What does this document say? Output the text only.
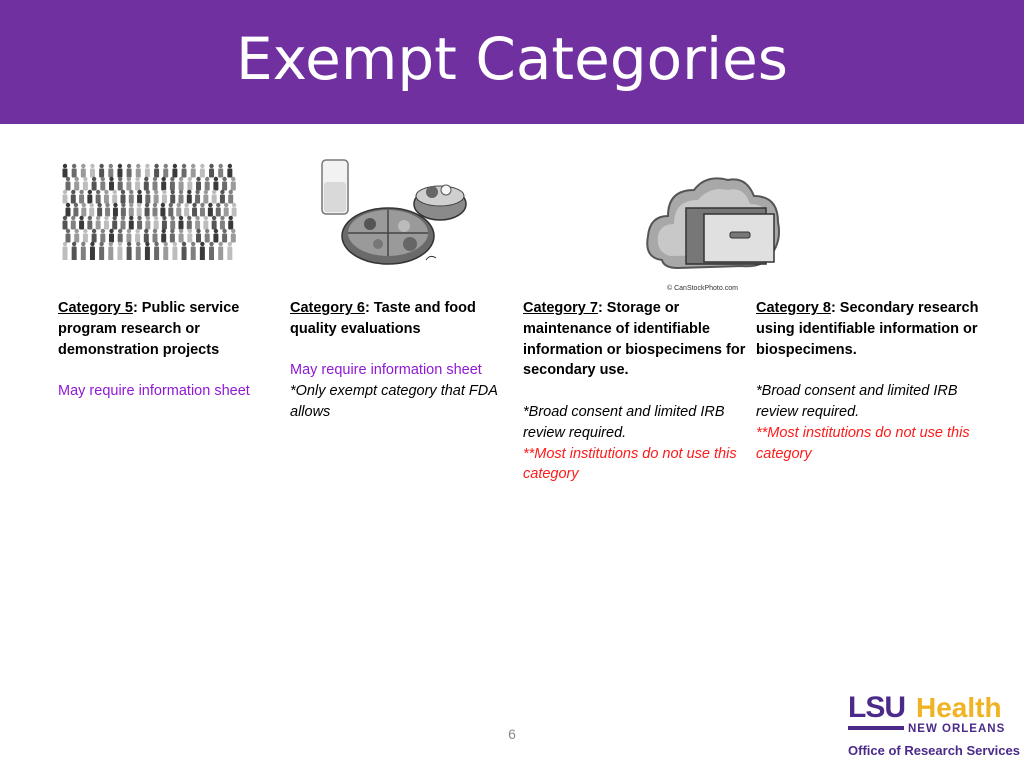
Exempt Categories
© CanStockPhoto.com

Category 5: Public service program research or demonstration projects

May require information sheet

Category 6: Taste and food quality evaluations

May require information sheet

*Only exempt category that FDA allows

Category 7: Storage or maintenance of identifiable information or biospecimens for secondary use.

*Broad consent and limited IRB review required.

**Most institutions do not use this category

Category 8: Secondary research using identifiable information or biospecimens.

*Broad consent and limited IRB review required.

**Most institutions do not use this category

6
LSU Health
NEW ORLEANS
Office of Research Services
